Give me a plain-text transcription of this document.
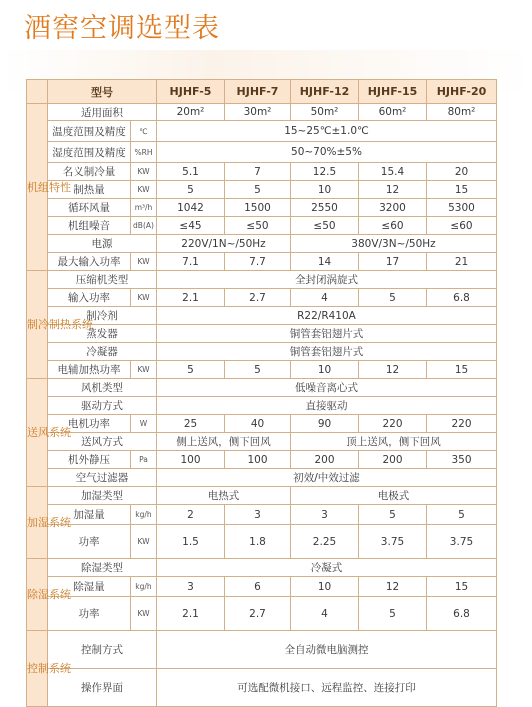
酒窖空调选型表
	型号		HJHF-5	HJHF-7	HJHF-12	HJHF-15	HJHF-20
机组特性	适用面积		20m²	30m²	50m²	60m²	80m²
	温度范围及精度	℃	15~25℃±1.0℃				
	湿度范围及精度	%RH	50~70%±5%				
	名义制冷量	KW	5.1	7	12.5	15.4	20
	制热量	KW	5	5	10	12	15
	循环风量	m³/h	1042	1500	2550	3200	5300
	机组噪音	dB(A)	≤45	≤50	≤50	≤60	≤60
	电源		220V/1N~/50Hz		380V/3N~/50Hz		
	最大输入功率	KW	7.1	7.7	14	17	21
制冷制热系统	压缩机类型		全封闭涡旋式				
	输入功率	KW	2.1	2.7	4	5	6.8
	制冷剂		R22/R410A				
	蒸发器		铜管套铝翅片式				
	冷凝器		铜管套铝翅片式				
	电辅加热功率	KW	5	5	10	12	15
送风系统	风机类型		低噪音离心式				
	驱动方式		直接驱动				
	电机功率	W	25	40	90	220	220
	送风方式		侧上送风，侧下回风		顶上送风，侧下回风		
	机外静压	Pa	100	100	200	200	350
	空气过滤器		初效/中效过滤				
加湿系统	加湿类型		电热式		电极式		
	加湿量	kg/h	2	3	3	5	5
	功率	KW	1.5	1.8	2.25	3.75	3.75
除湿系统	除湿类型		冷凝式				
	除湿量	kg/h	3	6	10	12	15
	功率	KW	2.1	2.7	4	5	6.8
控制系统	控制方式		全自动微电脑测控				
	操作界面		可选配微机接口、远程监控、连接打印				
